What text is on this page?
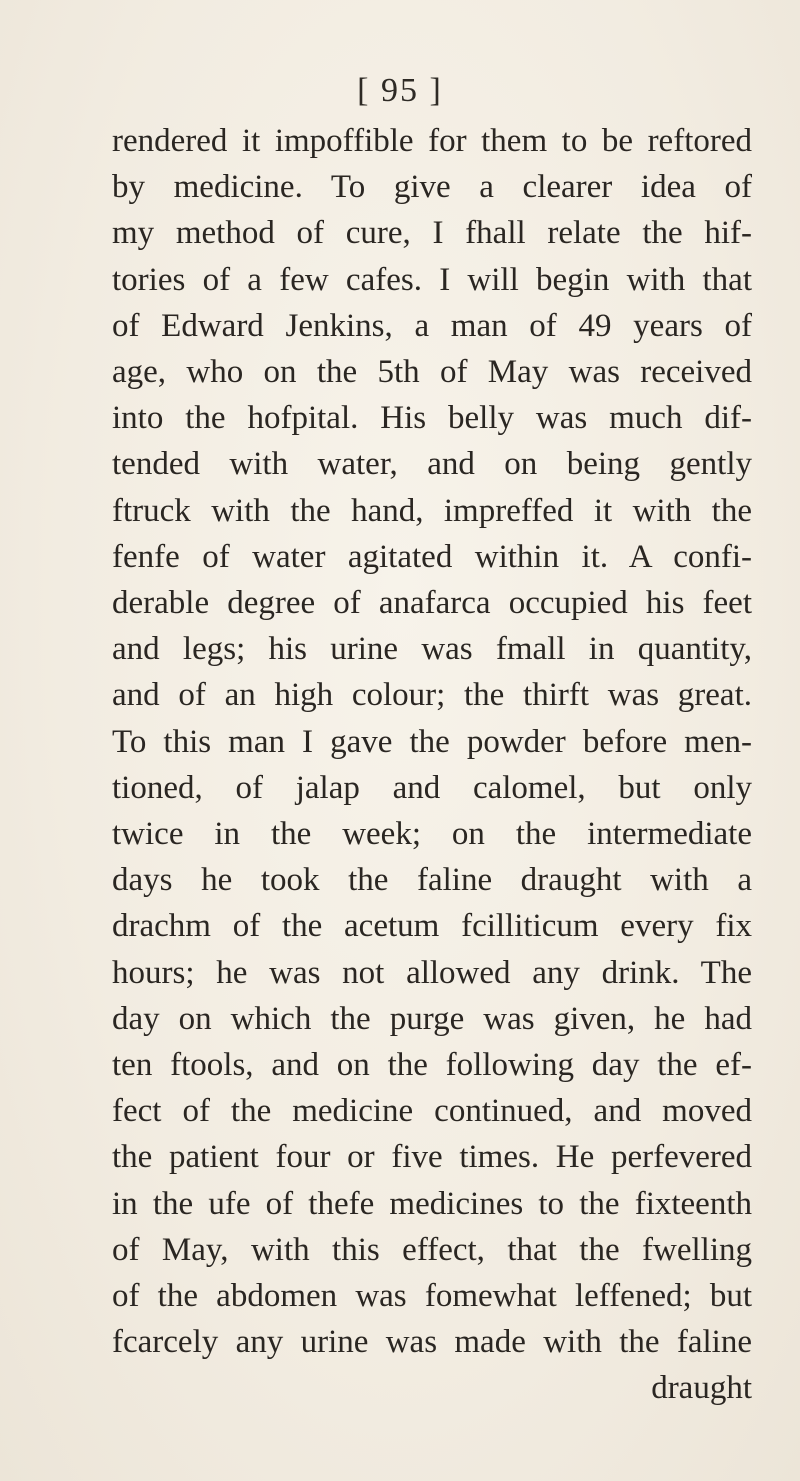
[ 95 ]
rendered it impoffible for them to be reftored
by medicine. To give a clearer idea of
my method of cure, I fhall relate the hif-
tories of a few cafes. I will begin with that
of Edward Jenkins, a man of 49 years of
age, who on the 5th of May was received
into the hofpital. His belly was much dif-
tended with water, and on being gently
ftruck with the hand, impreffed it with the
fenfe of water agitated within it. A confi-
derable degree of anafarca occupied his feet
and legs; his urine was fmall in quantity,
and of an high colour; the thirft was great.
To this man I gave the powder before men-
tioned, of jalap and calomel, but only
twice in the week; on the intermediate
days he took the faline draught with a
drachm of the acetum fcilliticum every fix
hours; he was not allowed any drink. The
day on which the purge was given, he had
ten ftools, and on the following day the ef-
fect of the medicine continued, and moved
the patient four or five times. He perfevered
in the ufe of thefe medicines to the fixteenth
of May, with this effect, that the fwelling
of the abdomen was fomewhat leffened; but
fcarcely any urine was made with the faline
draught
